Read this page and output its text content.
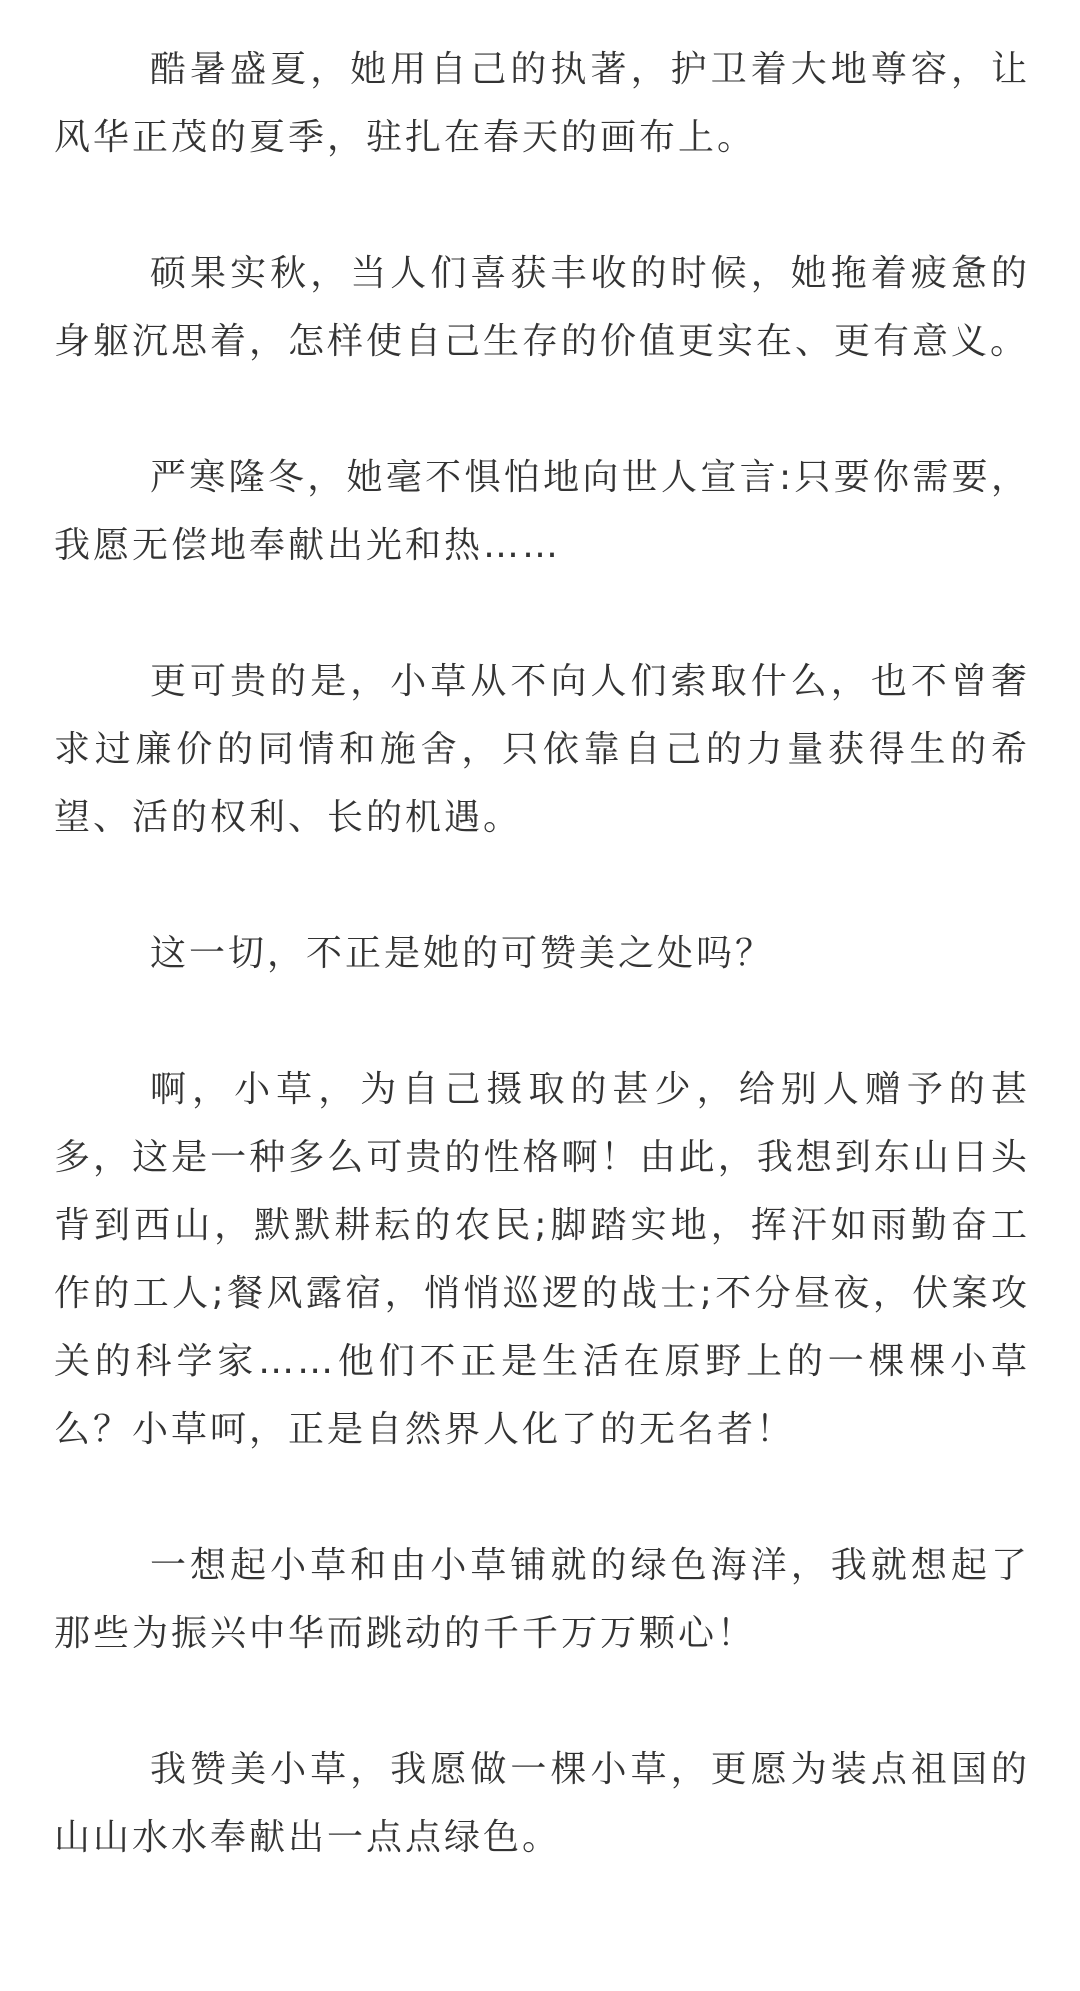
酷暑盛夏，她用自己的执著，护卫着大地尊容，让风华正茂的夏季，驻扎在春天的画布上。

硕果实秋，当人们喜获丰收的时候，她拖着疲惫的身躯沉思着，怎样使自己生存的价值更实在、更有意义。

严寒隆冬，她毫不惧怕地向世人宣言:只要你需要，我愿无偿地奉献出光和热……

更可贵的是，小草从不向人们索取什么，也不曾奢求过廉价的同情和施舍，只依靠自己的力量获得生的希望、活的权利、长的机遇。

这一切，不正是她的可赞美之处吗？

啊，小草，为自己摄取的甚少，给别人赠予的甚多，这是一种多么可贵的性格啊！由此，我想到东山日头背到西山，默默耕耘的农民;脚踏实地，挥汗如雨勤奋工作的工人;餐风露宿，悄悄巡逻的战士;不分昼夜，伏案攻关的科学家……他们不正是生活在原野上的一棵棵小草么？小草呵，正是自然界人化了的无名者！

一想起小草和由小草铺就的绿色海洋，我就想起了那些为振兴中华而跳动的千千万万颗心！

我赞美小草，我愿做一棵小草，更愿为装点祖国的山山水水奉献出一点点绿色。
